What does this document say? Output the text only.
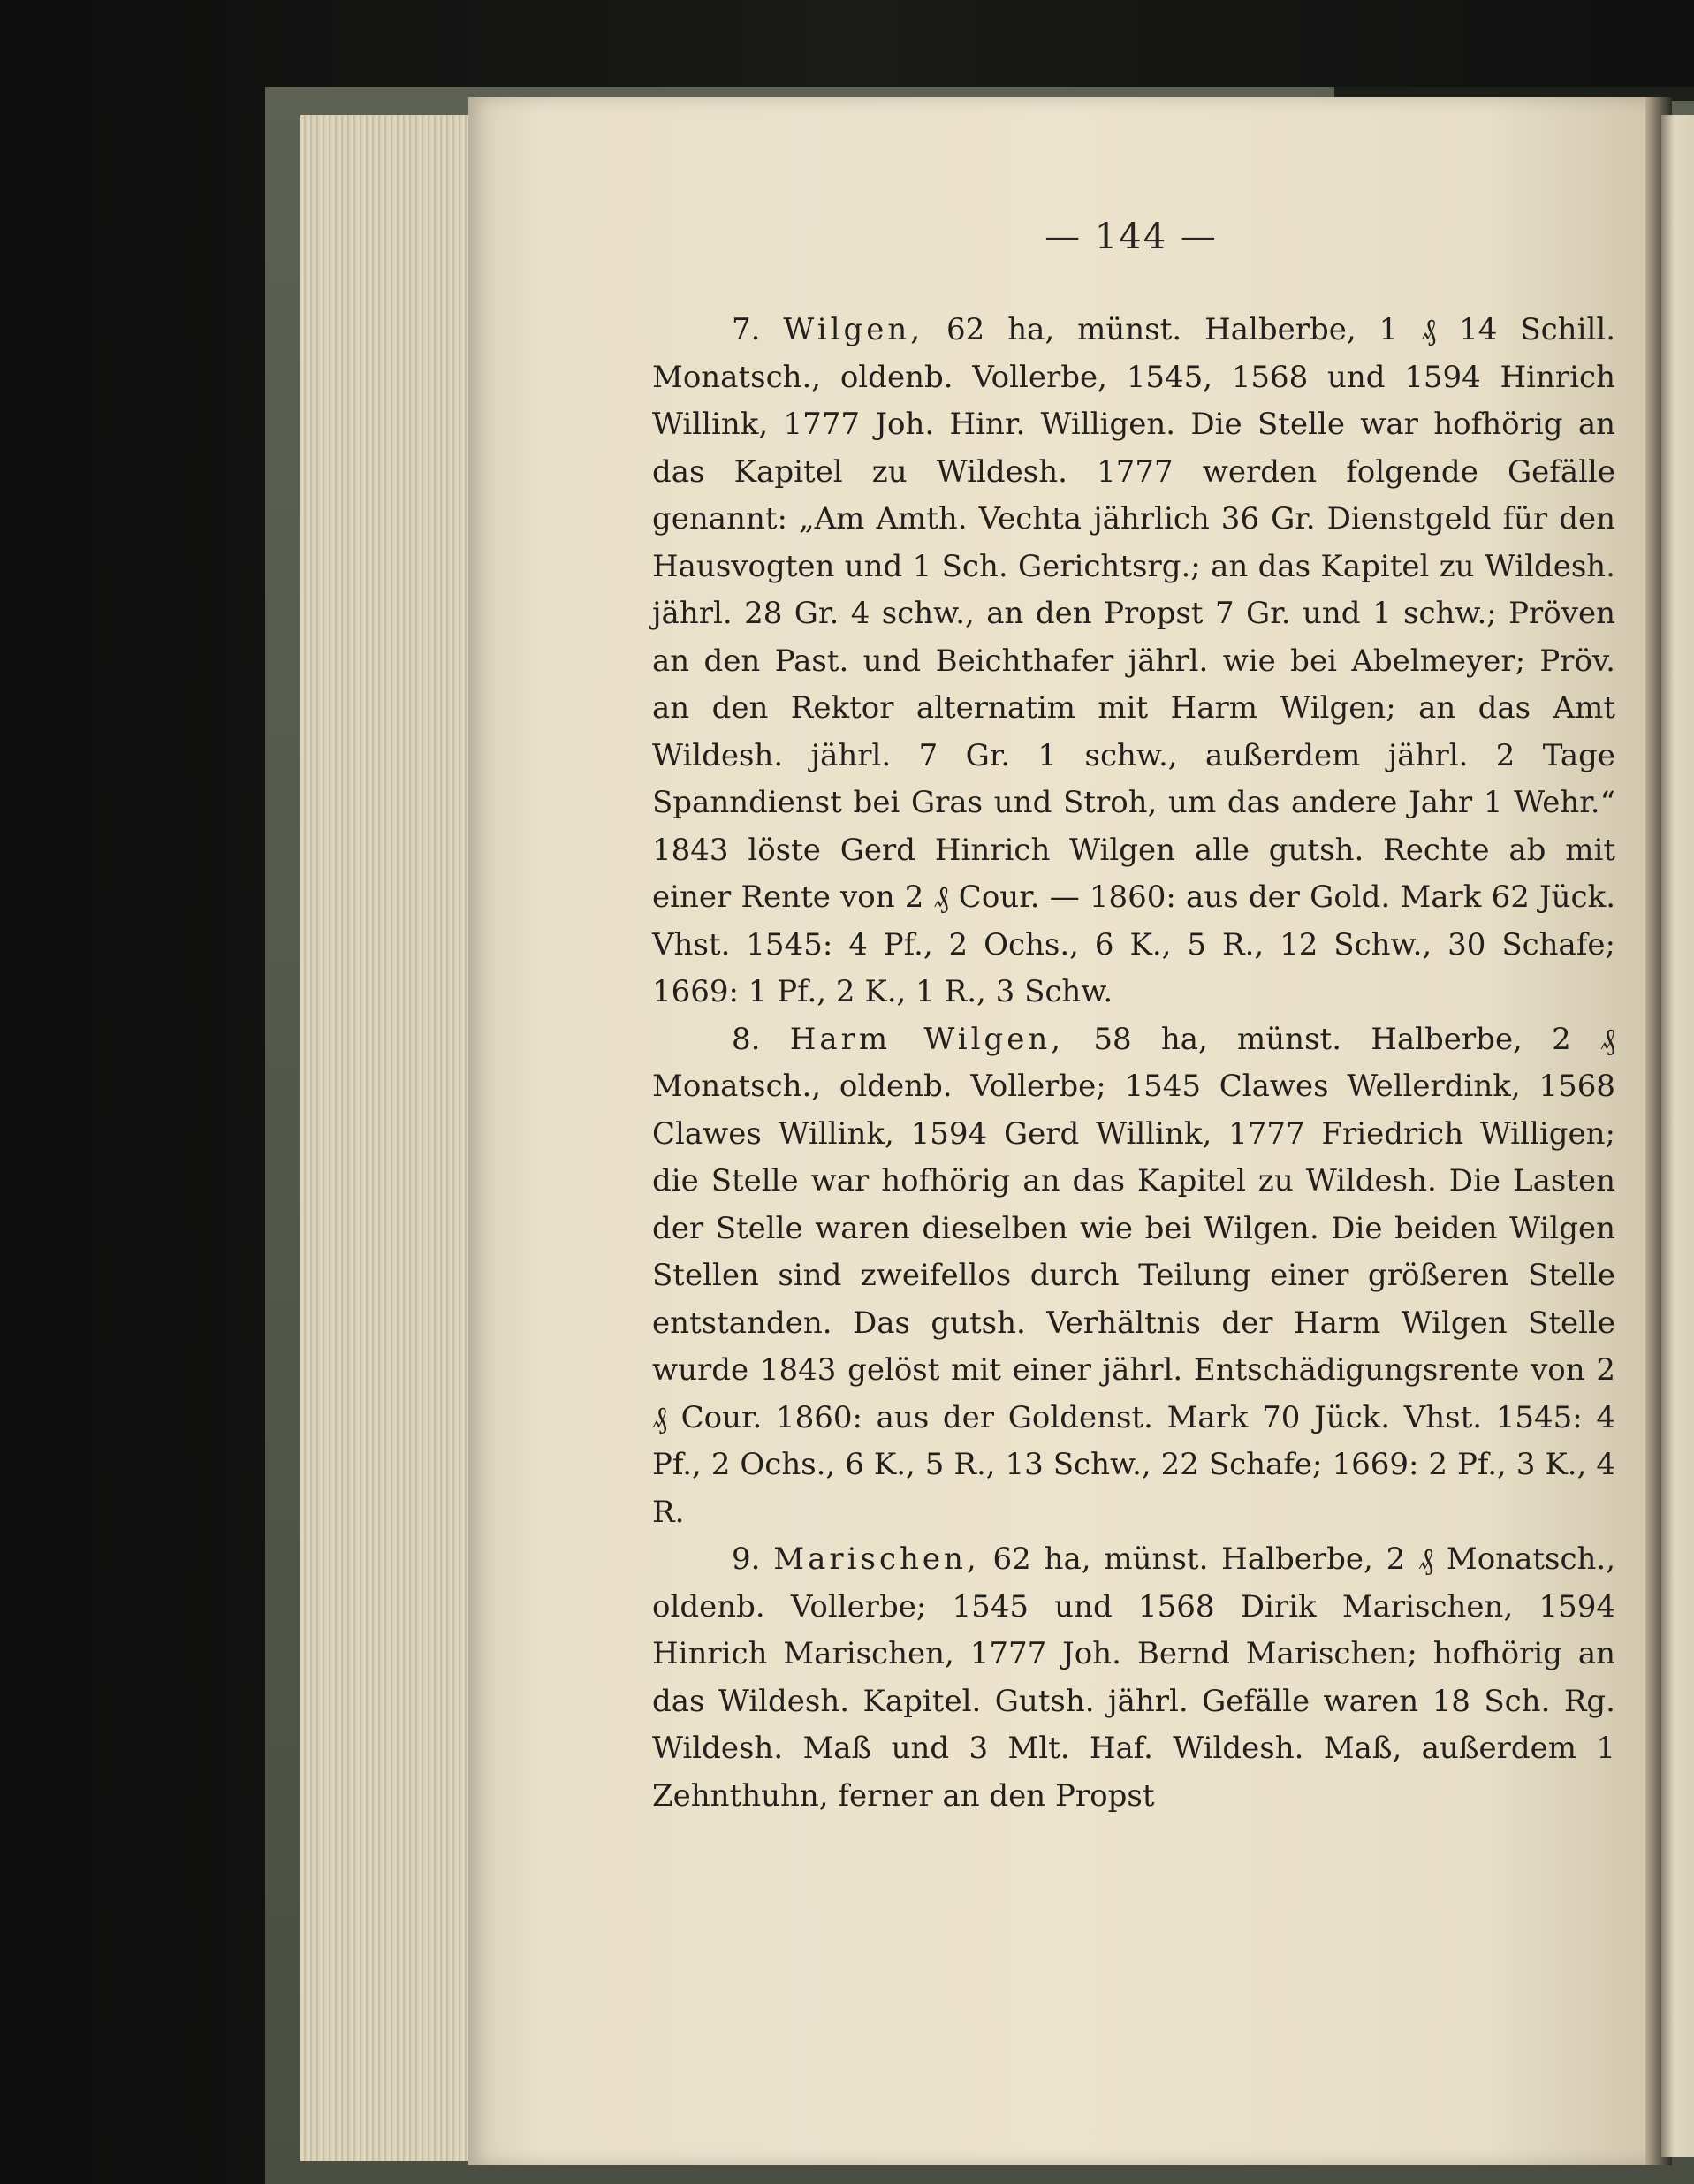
— 144 —

7. Wilgen, 62 ha, münst. Halberbe, 1 ₰ 14 Schill. Monatsch., oldenb. Vollerbe, 1545, 1568 und 1594 Hinrich Willink, 1777 Joh. Hinr. Willigen. Die Stelle war hofhörig an das Kapitel zu Wildesh. 1777 werden folgende Gefälle genannt: „Am Amth. Vechta jährlich 36 Gr. Dienstgeld für den Hausvogten und 1 Sch. Gerichtsrg.; an das Kapitel zu Wildesh. jährl. 28 Gr. 4 schw., an den Propst 7 Gr. und 1 schw.; Pröven an den Past. und Beichthafer jährl. wie bei Abelmeyer; Pröv. an den Rektor alternatim mit Harm Wilgen; an das Amt Wildesh. jährl. 7 Gr. 1 schw., außerdem jährl. 2 Tage Spanndienst bei Gras und Stroh, um das andere Jahr 1 Wehr.“ 1843 löste Gerd Hinrich Wilgen alle gutsh. Rechte ab mit einer Rente von 2 ₰ Cour. — 1860: aus der Gold. Mark 62 Jück. Vhst. 1545: 4 Pf., 2 Ochs., 6 K., 5 R., 12 Schw., 30 Schafe; 1669: 1 Pf., 2 K., 1 R., 3 Schw.

8. Harm Wilgen, 58 ha, münst. Halberbe, 2 ₰ Monatsch., oldenb. Vollerbe; 1545 Clawes Wellerdink, 1568 Clawes Willink, 1594 Gerd Willink, 1777 Friedrich Willigen; die Stelle war hofhörig an das Kapitel zu Wildesh. Die Lasten der Stelle waren dieselben wie bei Wilgen. Die beiden Wilgen Stellen sind zweifellos durch Teilung einer größeren Stelle entstanden. Das gutsh. Verhältnis der Harm Wilgen Stelle wurde 1843 gelöst mit einer jährl. Entschädigungsrente von 2 ₰ Cour. 1860: aus der Goldenst. Mark 70 Jück. Vhst. 1545: 4 Pf., 2 Ochs., 6 K., 5 R., 13 Schw., 22 Schafe; 1669: 2 Pf., 3 K., 4 R.

9. Marischen, 62 ha, münst. Halberbe, 2 ₰ Monatsch., oldenb. Vollerbe; 1545 und 1568 Dirik Marischen, 1594 Hinrich Marischen, 1777 Joh. Bernd Marischen; hofhörig an das Wildesh. Kapitel. Gutsh. jährl. Gefälle waren 18 Sch. Rg. Wildesh. Maß und 3 Mlt. Haf. Wildesh. Maß, außerdem 1 Zehnthuhn, ferner an den Propst
